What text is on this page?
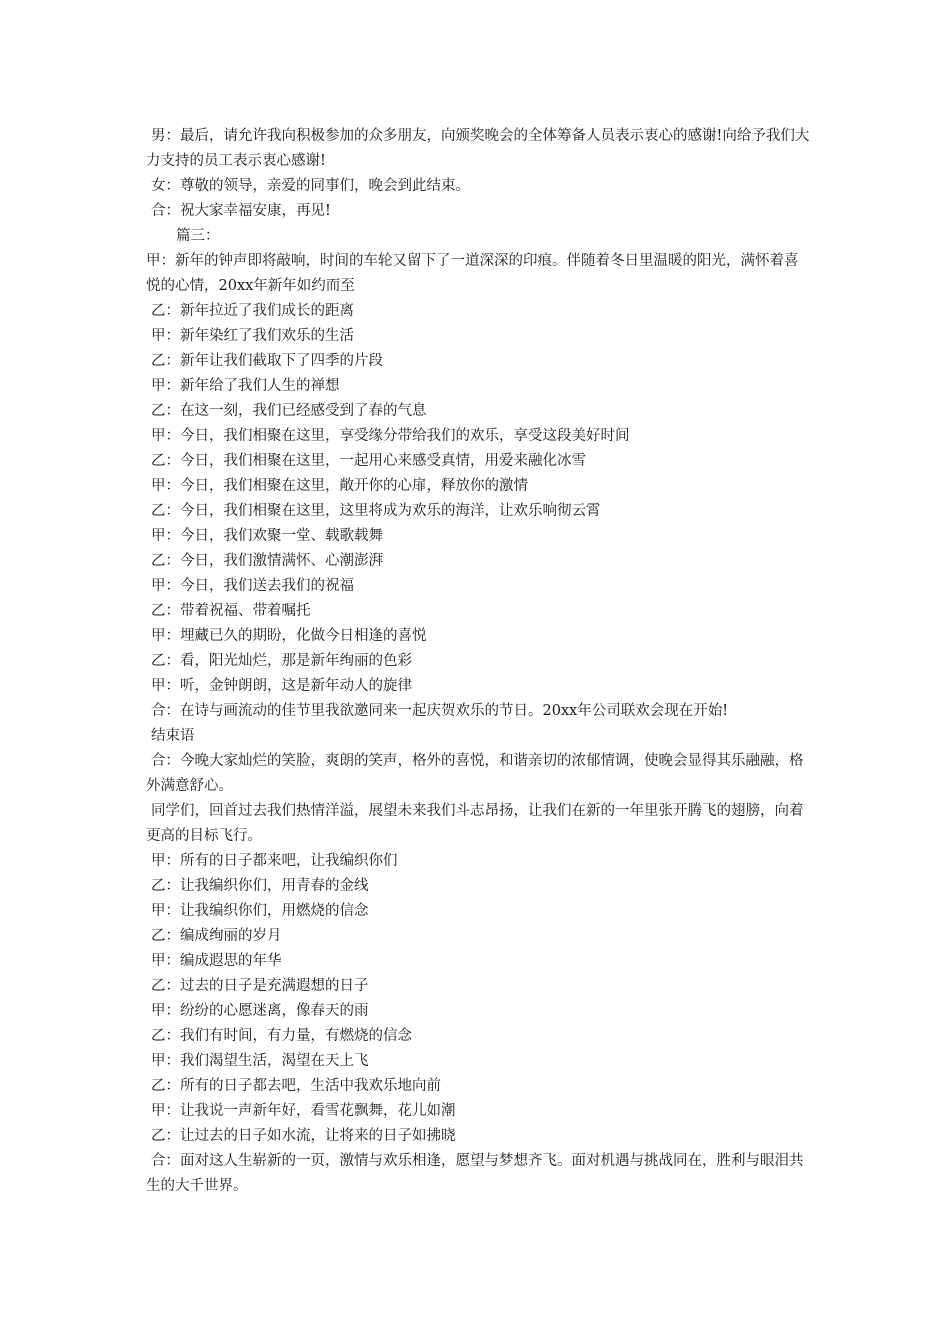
男：最后，请允许我向积极参加的众多朋友，向颁奖晚会的全体筹备人员表示衷心的感谢!向给予我们大力支持的员工表示衷心感谢!

女：尊敬的领导，亲爱的同事们，晚会到此结束。

合：祝大家幸福安康，再见!

篇三：

甲：新年的钟声即将敲响，时间的车轮又留下了一道深深的印痕。伴随着冬日里温暖的阳光，满怀着喜悦的心情，20xx年新年如约而至

乙：新年拉近了我们成长的距离

甲：新年染红了我们欢乐的生活

乙：新年让我们截取下了四季的片段

甲：新年给了我们人生的禅想

乙：在这一刻，我们已经感受到了春的气息

甲：今日，我们相聚在这里，享受缘分带给我们的欢乐，享受这段美好时间

乙：今日，我们相聚在这里，一起用心来感受真情，用爱来融化冰雪

甲：今日，我们相聚在这里，敞开你的心扉，释放你的激情

乙：今日，我们相聚在这里，这里将成为欢乐的海洋，让欢乐响彻云霄

甲：今日，我们欢聚一堂、载歌载舞

乙：今日，我们激情满怀、心潮澎湃

甲：今日，我们送去我们的祝福

乙：带着祝福、带着嘱托

甲：埋藏已久的期盼，化做今日相逢的喜悦

乙：看，阳光灿烂，那是新年绚丽的色彩

甲：听，金钟朗朗，这是新年动人的旋律

合：在诗与画流动的佳节里我欲邀同来一起庆贺欢乐的节日。20xx年公司联欢会现在开始!

结束语

合：今晚大家灿烂的笑脸，爽朗的笑声，格外的喜悦，和谐亲切的浓郁情调，使晚会显得其乐融融，格外满意舒心。

同学们，回首过去我们热情洋溢，展望未来我们斗志昂扬，让我们在新的一年里张开腾飞的翅膀，向着更高的目标飞行。

甲：所有的日子都来吧，让我编织你们

乙：让我编织你们，用青春的金线

甲：让我编织你们，用燃烧的信念

乙：编成绚丽的岁月

甲：编成遐思的年华

乙：过去的日子是充满遐想的日子

甲：纷纷的心愿迷离，像春天的雨

乙：我们有时间，有力量，有燃烧的信念

甲：我们渴望生活，渴望在天上飞

乙：所有的日子都去吧，生活中我欢乐地向前

甲：让我说一声新年好，看雪花飘舞，花儿如潮

乙：让过去的日子如水流，让将来的日子如拂晓

合：面对这人生崭新的一页，激情与欢乐相逢，愿望与梦想齐飞。面对机遇与挑战同在，胜利与眼泪共生的大千世界。
